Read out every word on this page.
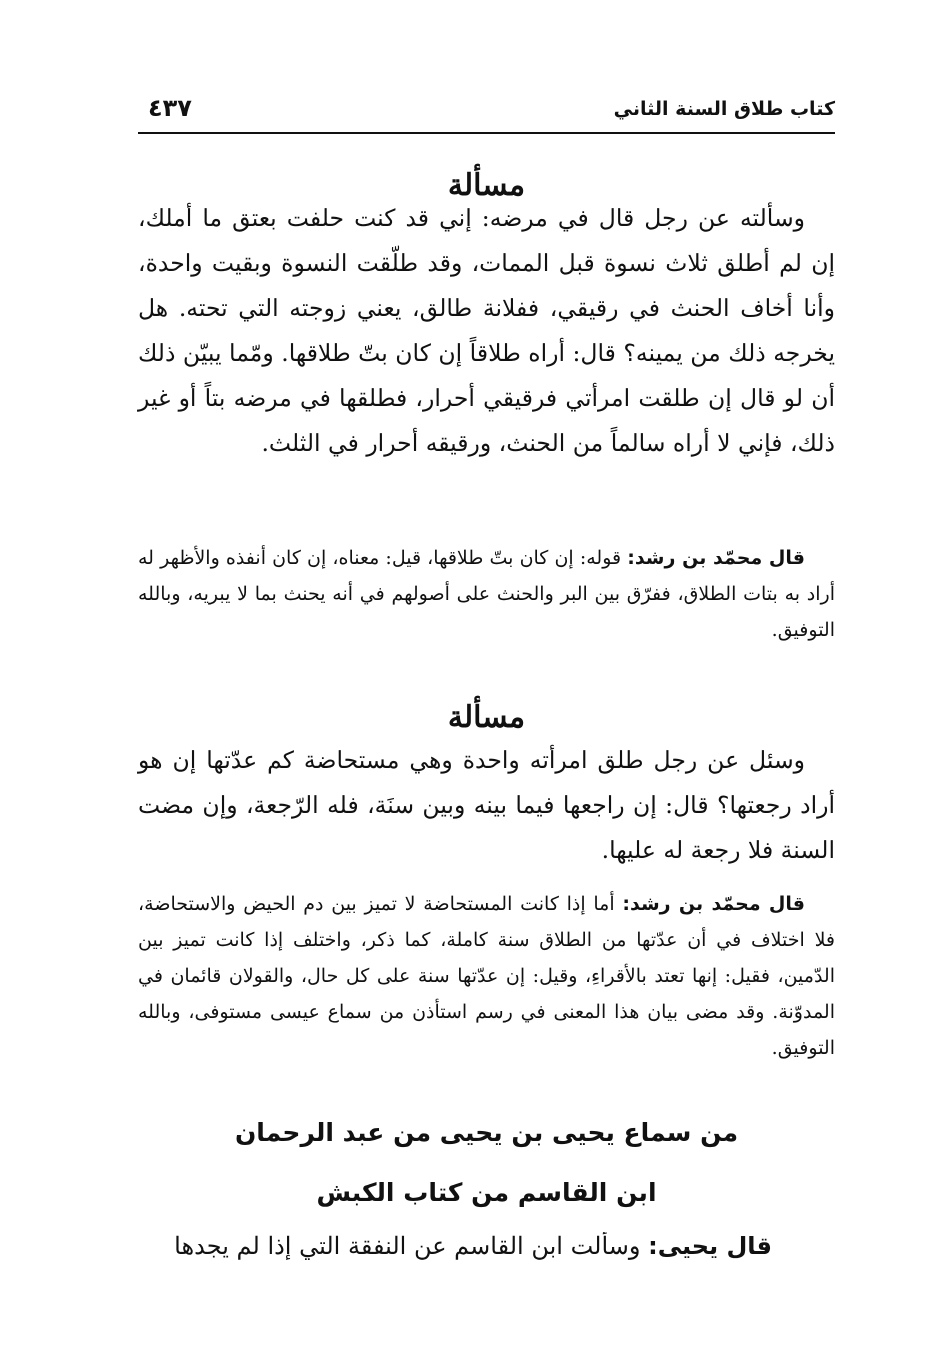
كتاب طلاق السنة الثاني
٤٣٧
مسألة

وسألته عن رجل قال في مرضه: إني قد كنت حلفت بعتق ما أملك، إن لم أطلق ثلاث نسوة قبل الممات، وقد طلّقت النسوة وبقيت واحدة، وأنا أخاف الحنث في رقيقي، ففلانة طالق، يعني زوجته التي تحته. هل يخرجه ذلك من يمينه؟ قال: أراه طلاقاً إن كان بتّ طلاقها. ومّما يبيّن ذلك أن لو قال إن طلقت امرأتي فرقيقي أحرار، فطلقها في مرضه بتاً أو غير ذلك، فإني لا أراه سالماً من الحنث، ورقيقه أحرار في الثلث.

قال محمّد بن رشد: قوله: إن كان بتّ طلاقها، قيل: معناه، إن كان أنفذه والأظهر له أراد به بتات الطلاق، ففرّق بين البر والحنث على أصولهم في أنه يحنث بما لا يبريه، وبالله التوفيق.

مسألة

وسئل عن رجل طلق امرأته واحدة وهي مستحاضة كم عدّتها إن هو أراد رجعتها؟ قال: إن راجعها فيما بينه وبين سنَة، فله الرّجعة، وإن مضت السنة فلا رجعة له عليها.

قال محمّد بن رشد: أما إذا كانت المستحاضة لا تميز بين دم الحيض والاستحاضة، فلا اختلاف في أن عدّتها من الطلاق سنة كاملة، كما ذكر، واختلف إذا كانت تميز بين الدّمين، فقيل: إنها تعتد بالأقراءِ، وقيل: إن عدّتها سنة على كل حال، والقولان قائمان في المدوّنة. وقد مضى بيان هذا المعنى في رسم استأذن من سماع عيسى مستوفى، وبالله التوفيق.

من سماع يحيى بن يحيى من عبد الرحمان
ابن القاسم من كتاب الكبش
قال يحيى: وسألت ابن القاسم عن النفقة التي إذا لم يجدها
